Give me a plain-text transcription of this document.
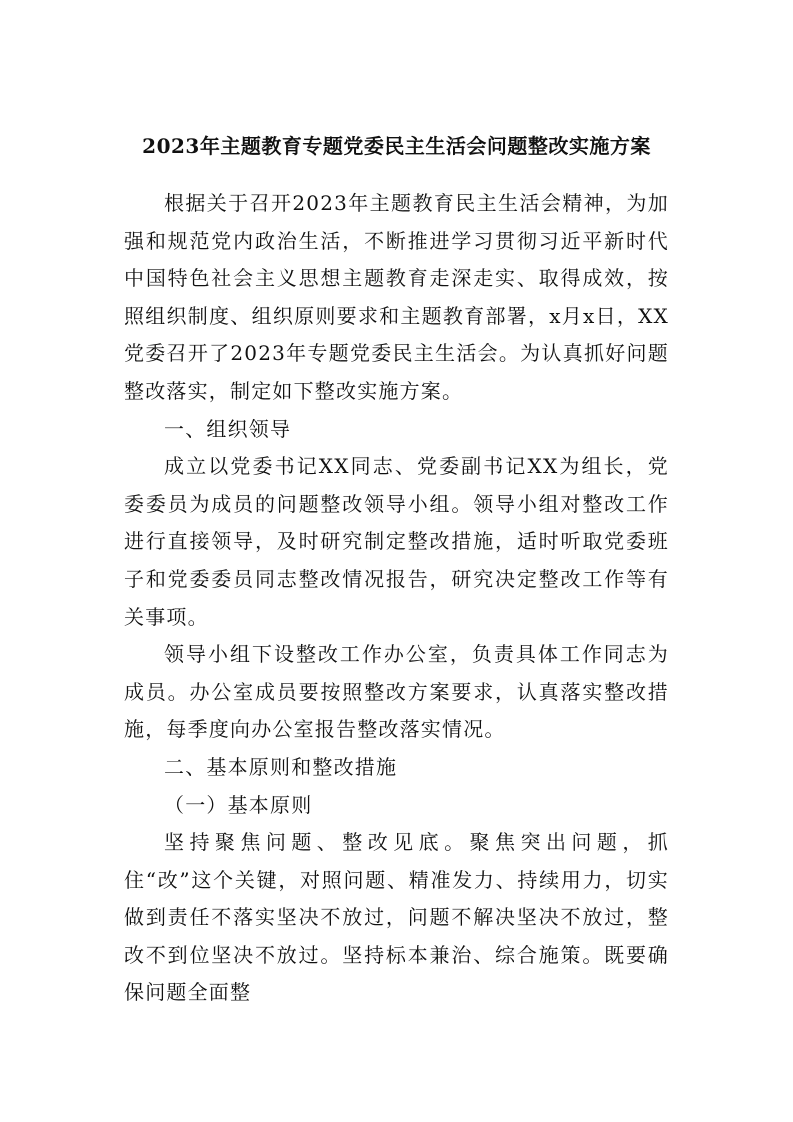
2023年主题教育专题党委民主生活会问题整改实施方案

根据关于召开2023年主题教育民主生活会精神，为加强和规范党内政治生活，不断推进学习贯彻习近平新时代中国特色社会主义思想主题教育走深走实、取得成效，按照组织制度、组织原则要求和主题教育部署，x月x日，XX党委召开了2023年专题党委民主生活会。为认真抓好问题整改落实，制定如下整改实施方案。

一、组织领导

成立以党委书记XX同志、党委副书记XX为组长，党委委员为成员的问题整改领导小组。领导小组对整改工作进行直接领导，及时研究制定整改措施，适时听取党委班子和党委委员同志整改情况报告，研究决定整改工作等有关事项。

领导小组下设整改工作办公室，负责具体工作同志为成员。办公室成员要按照整改方案要求，认真落实整改措施，每季度向办公室报告整改落实情况。

二、基本原则和整改措施

（一）基本原则

坚持聚焦问题、整改见底。聚焦突出问题，抓住“改”这个关键，对照问题、精准发力、持续用力，切实做到责任不落实坚决不放过，问题不解决坚决不放过，整改不到位坚决不放过。坚持标本兼治、综合施策。既要确保问题全面整
